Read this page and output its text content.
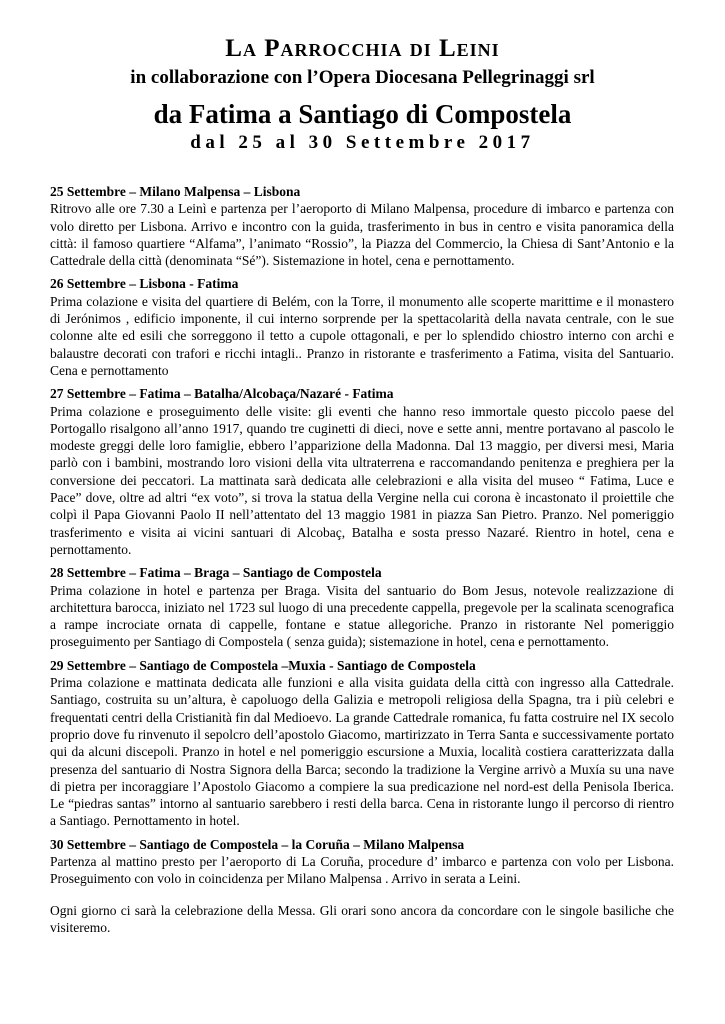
La Parrocchia di Leini
in collaborazione con l’Opera Diocesana Pellegrinaggi srl
da Fatima a Santiago di Compostela
dal 25 al 30 Settembre 2017
25 Settembre – Milano Malpensa – Lisbona
Ritrovo alle ore 7.30 a Leinì e partenza per l’aeroporto di Milano Malpensa, procedure di imbarco e partenza con volo diretto per Lisbona. Arrivo e incontro con la guida, trasferimento in bus in centro e visita panoramica della città: il famoso quartiere “Alfama”, l’animato “Rossio”, la Piazza del Commercio, la Chiesa di Sant’Antonio e la Cattedrale della città (denominata “Sé”). Sistemazione in hotel, cena e pernottamento.
26 Settembre – Lisbona - Fatima
Prima colazione e visita del quartiere di Belém, con la Torre, il monumento alle scoperte marittime e il monastero di Jerónimos , edificio imponente, il cui interno sorprende per la spettacolarità della navata centrale, con le sue colonne alte ed esili che sorreggono il tetto a cupole ottagonali, e per lo splendido chiostro interno con archi e balaustre decorati con trafori e ricchi intagli.. Pranzo in ristorante e trasferimento a Fatima, visita del Santuario. Cena e pernottamento
27 Settembre – Fatima – Batalha/Alcobaça/Nazaré - Fatima
Prima colazione e proseguimento delle visite: gli eventi che hanno reso immortale questo piccolo paese del Portogallo risalgono all’anno 1917, quando tre cuginetti di dieci, nove e sette anni, mentre portavano al pascolo le modeste greggi delle loro famiglie, ebbero l’apparizione della Madonna. Dal 13 maggio, per diversi mesi, Maria parlò con i bambini, mostrando loro visioni della vita ultraterrena e raccomandando penitenza e preghiera per la conversione dei peccatori. La mattinata sarà dedicata alle celebrazioni e alla visita del museo “ Fatima, Luce e Pace” dove, oltre ad altri “ex voto”, si trova la statua della Vergine nella cui corona è incastonato il proiettile che colpì il Papa Giovanni Paolo II nell’attentato del 13 maggio 1981 in piazza San Pietro. Pranzo. Nel pomeriggio trasferimento e visita ai vicini santuari di Alcobaç, Batalha e sosta presso Nazaré. Rientro in hotel, cena e pernottamento.
28 Settembre – Fatima – Braga – Santiago de Compostela
Prima colazione in hotel e partenza per Braga. Visita del santuario do Bom Jesus, notevole realizzazione di architettura barocca, iniziato nel 1723 sul luogo di una precedente cappella, pregevole per la scalinata scenografica a rampe incrociate ornata di cappelle, fontane e statue allegoriche. Pranzo in ristorante Nel pomeriggio proseguimento per Santiago di Compostela ( senza guida); sistemazione in hotel, cena e pernottamento.
29 Settembre – Santiago de Compostela –Muxia - Santiago de Compostela
Prima colazione e mattinata dedicata alle funzioni e alla visita guidata della città con ingresso alla Cattedrale. Santiago, costruita su un’altura, è capoluogo della Galizia e metropoli religiosa della Spagna, tra i più celebri e frequentati centri della Cristianità fin dal Medioevo. La grande Cattedrale romanica, fu fatta costruire nel IX secolo proprio dove fu rinvenuto il sepolcro dell’apostolo Giacomo, martirizzato in Terra Santa e successivamente portato qui da alcuni discepoli. Pranzo in hotel e nel pomeriggio escursione a Muxia, località costiera caratterizzata dalla presenza del santuario di Nostra Signora della Barca; secondo la tradizione la Vergine arrivò a Muxía su una nave di pietra per incoraggiare l’Apostolo Giacomo a compiere la sua predicazione nel nord-est della Penisola Iberica. Le “piedras santas” intorno al santuario sarebbero i resti della barca. Cena in ristorante lungo il percorso di rientro a Santiago. Pernottamento in hotel.
30 Settembre – Santiago de Compostela – la Coruña – Milano Malpensa
Partenza al mattino presto per l’aeroporto di La Coruña, procedure d’ imbarco e partenza con volo per Lisbona. Proseguimento con volo in coincidenza per Milano Malpensa . Arrivo in serata a Leini.
Ogni giorno ci sarà la celebrazione della Messa. Gli orari sono ancora da concordare con le singole basiliche che visiteremo.
